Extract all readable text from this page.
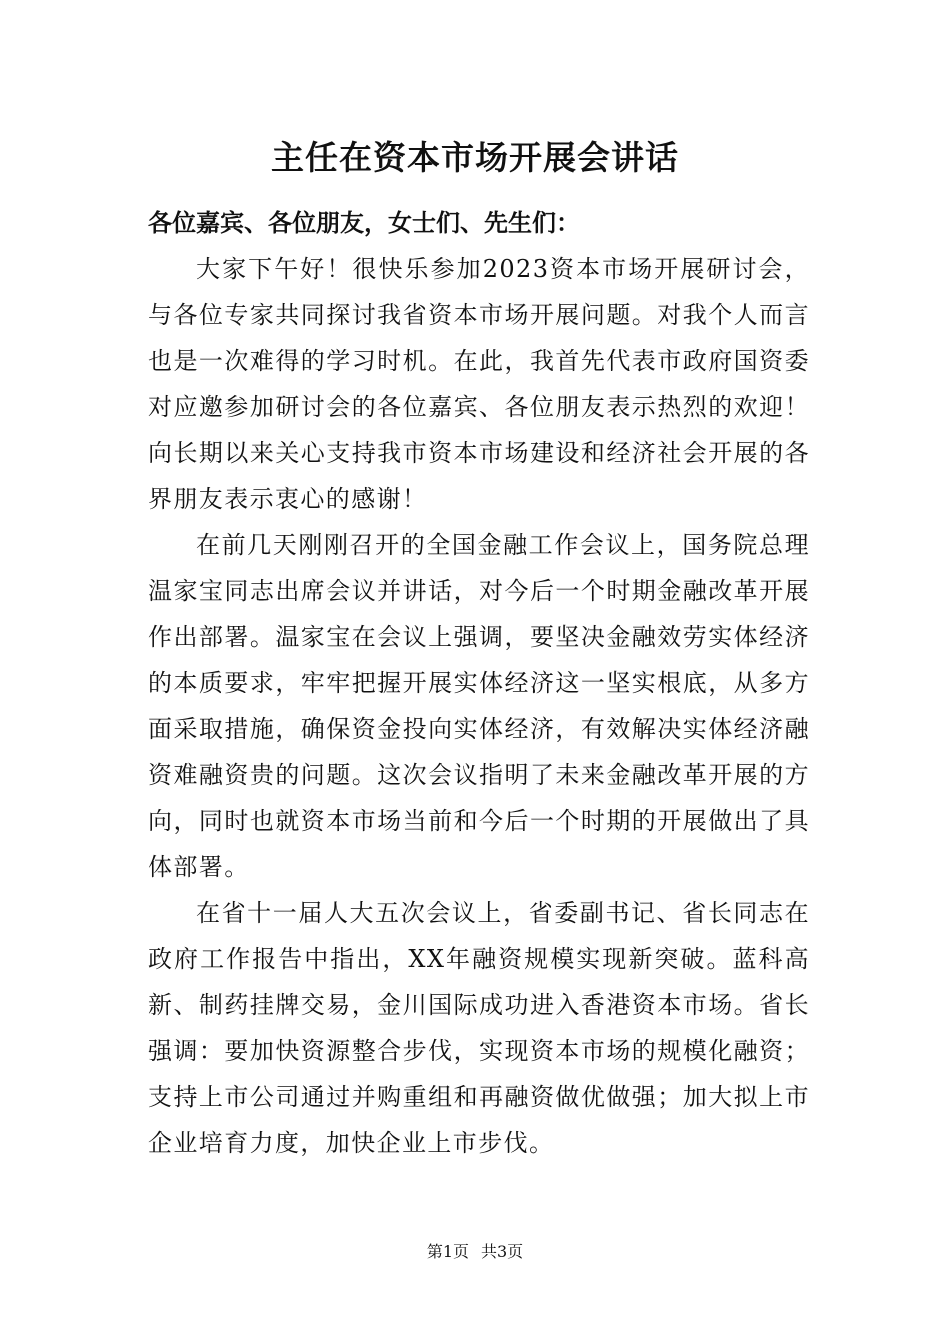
主任在资本市场开展会讲话

各位嘉宾、各位朋友，女士们、先生们：

大家下午好！很快乐参加2023资本市场开展研讨会，与各位专家共同探讨我省资本市场开展问题。对我个人而言也是一次难得的学习时机。在此，我首先代表市政府国资委对应邀参加研讨会的各位嘉宾、各位朋友表示热烈的欢迎！向长期以来关心支持我市资本市场建设和经济社会开展的各界朋友表示衷心的感谢！

在前几天刚刚召开的全国金融工作会议上，国务院总理温家宝同志出席会议并讲话，对今后一个时期金融改革开展作出部署。温家宝在会议上强调，要坚决金融效劳实体经济的本质要求，牢牢把握开展实体经济这一坚实根底，从多方面采取措施，确保资金投向实体经济，有效解决实体经济融资难融资贵的问题。这次会议指明了未来金融改革开展的方向，同时也就资本市场当前和今后一个时期的开展做出了具体部署。

在省十一届人大五次会议上，省委副书记、省长同志在政府工作报告中指出，XX年融资规模实现新突破。蓝科高新、制药挂牌交易，金川国际成功进入香港资本市场。省长强调：要加快资源整合步伐，实现资本市场的规模化融资；支持上市公司通过并购重组和再融资做优做强；加大拟上市企业培育力度，加快企业上市步伐。

第1页 共3页
